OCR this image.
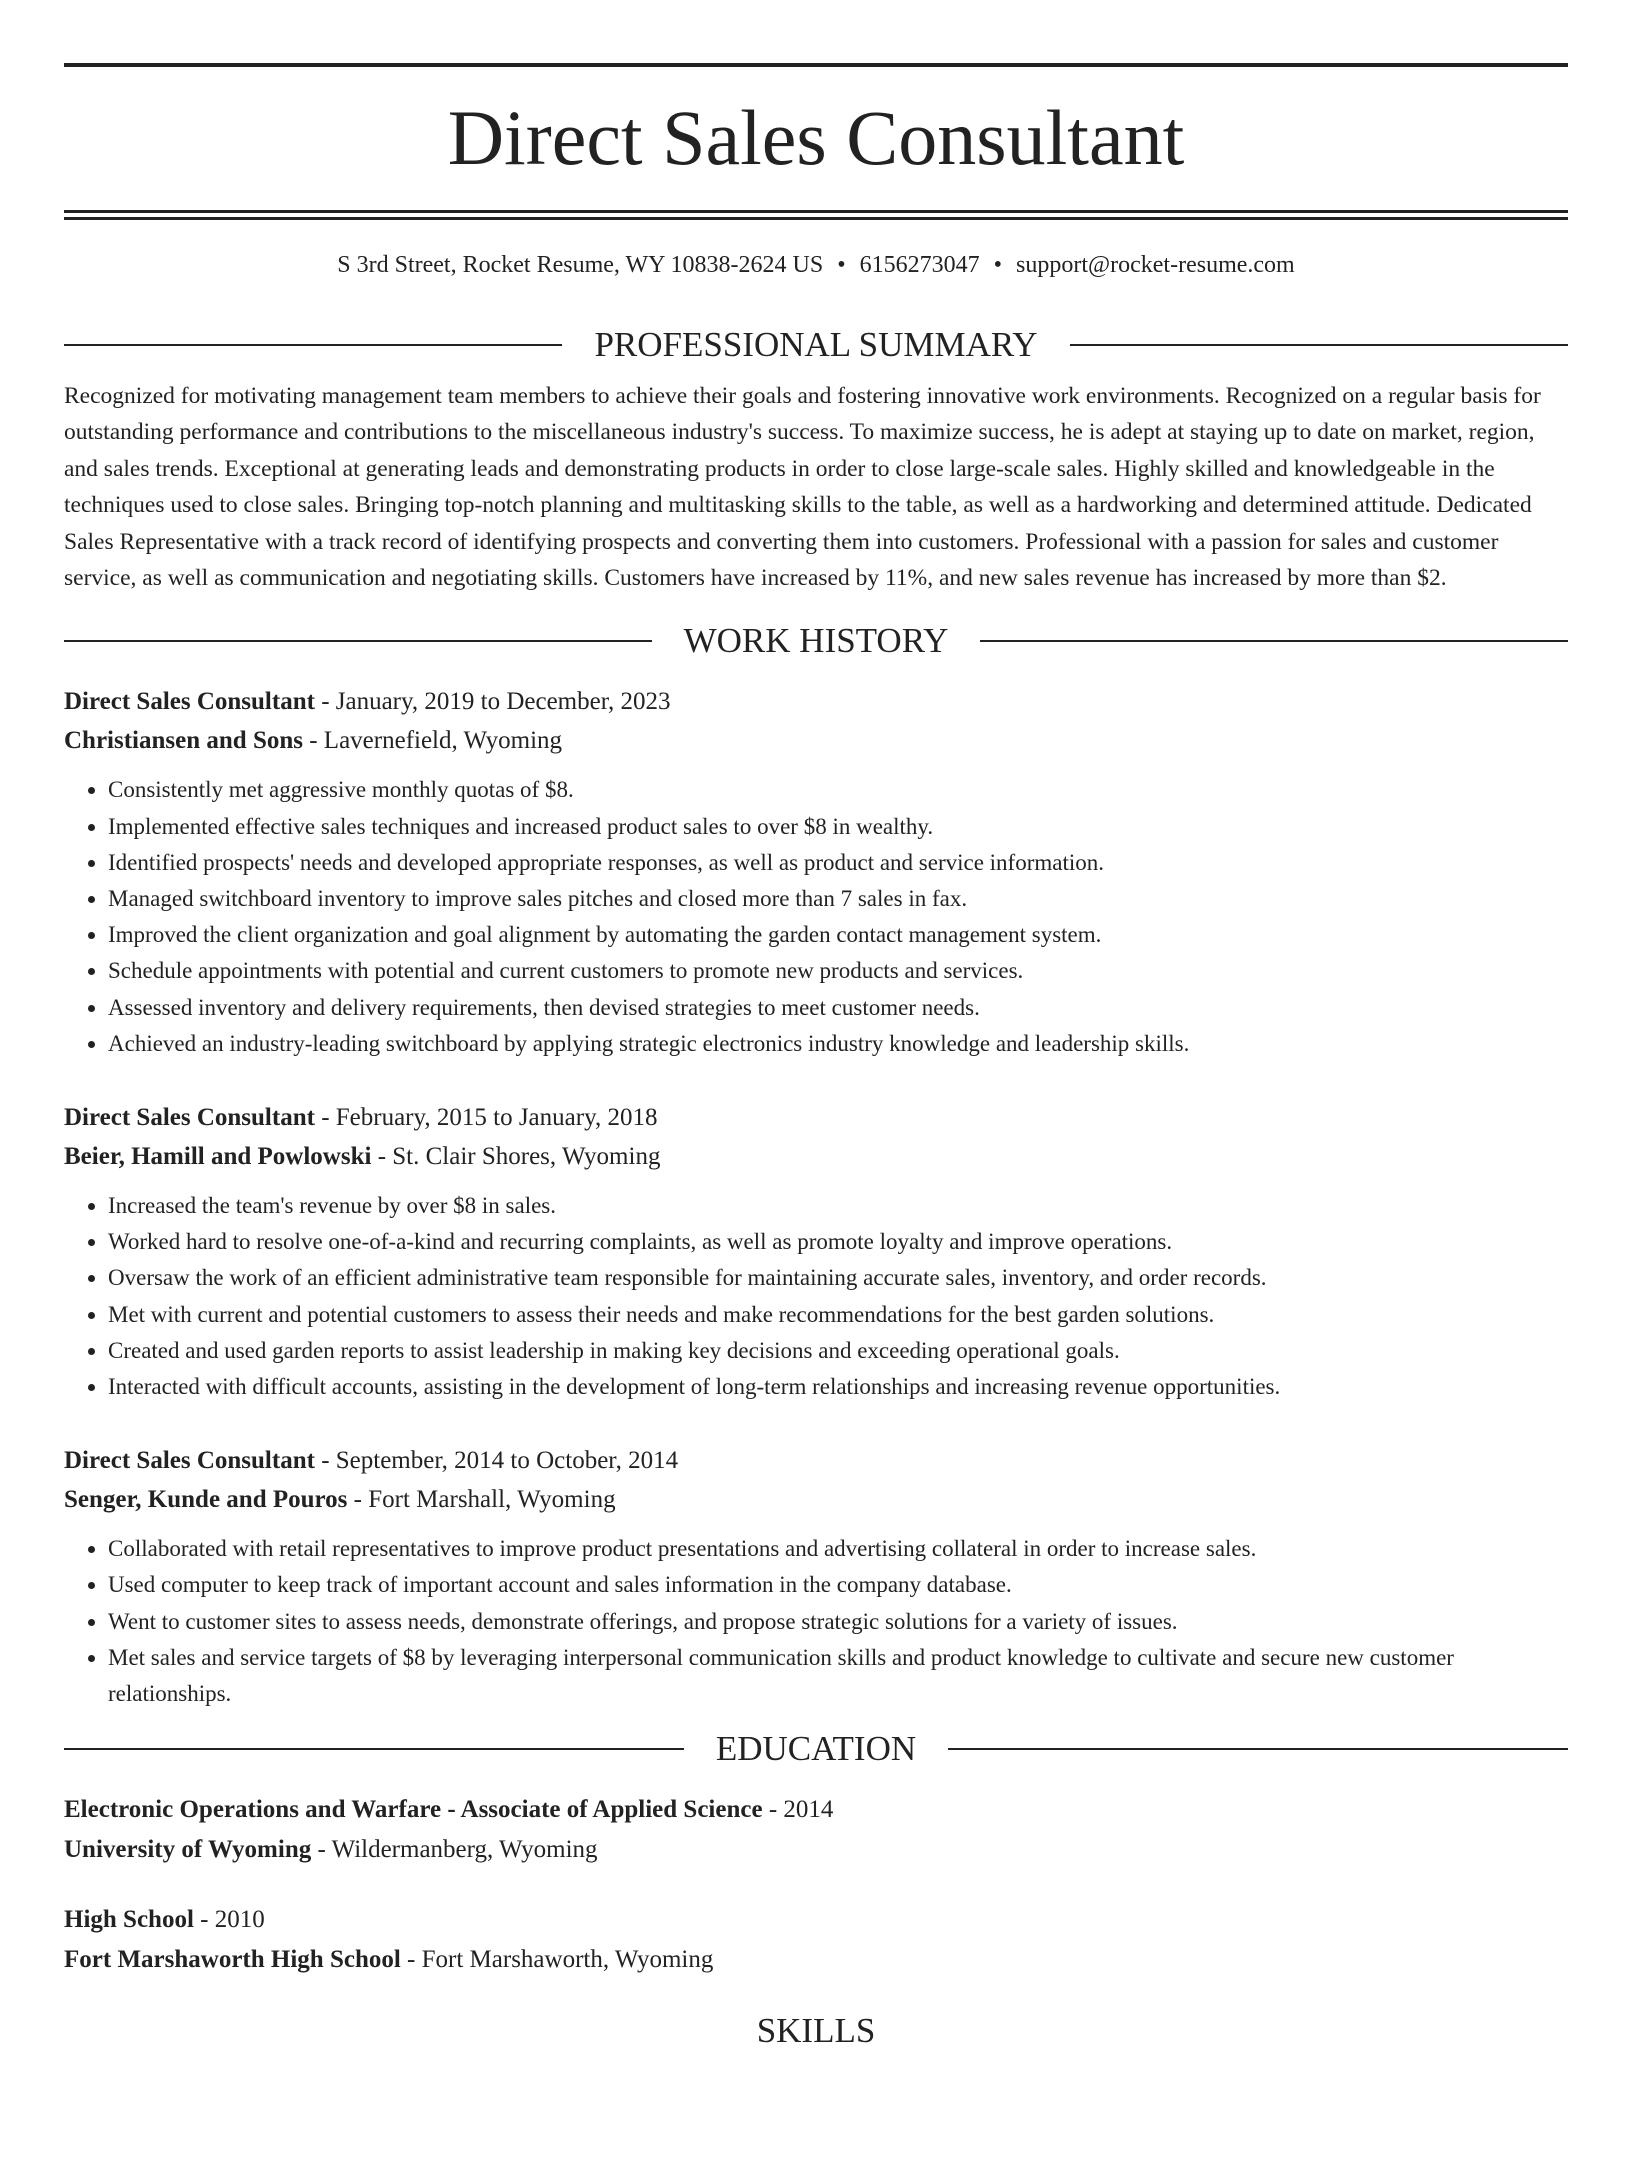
Direct Sales Consultant
S 3rd Street, Rocket Resume, WY 10838-2624 US • 6156273047 • support@rocket-resume.com
PROFESSIONAL SUMMARY

Recognized for motivating management team members to achieve their goals and fostering innovative work environments. Recognized on a regular basis for outstanding performance and contributions to the miscellaneous industry's success. To maximize success, he is adept at staying up to date on market, region, and sales trends. Exceptional at generating leads and demonstrating products in order to close large-scale sales. Highly skilled and knowledgeable in the techniques used to close sales. Bringing top-notch planning and multitasking skills to the table, as well as a hardworking and determined attitude. Dedicated Sales Representative with a track record of identifying prospects and converting them into customers. Professional with a passion for sales and customer service, as well as communication and negotiating skills. Customers have increased by 11%, and new sales revenue has increased by more than $2.

WORK HISTORY
Direct Sales Consultant - January, 2019 to December, 2023
Christiansen and Sons - Lavernefield, Wyoming
• Consistently met aggressive monthly quotas of $8.
• Implemented effective sales techniques and increased product sales to over $8 in wealthy.
• Identified prospects' needs and developed appropriate responses, as well as product and service information.
• Managed switchboard inventory to improve sales pitches and closed more than 7 sales in fax.
• Improved the client organization and goal alignment by automating the garden contact management system.
• Schedule appointments with potential and current customers to promote new products and services.
• Assessed inventory and delivery requirements, then devised strategies to meet customer needs.
• Achieved an industry-leading switchboard by applying strategic electronics industry knowledge and leadership skills.
Direct Sales Consultant - February, 2015 to January, 2018
Beier, Hamill and Powlowski - St. Clair Shores, Wyoming
• Increased the team's revenue by over $8 in sales.
• Worked hard to resolve one-of-a-kind and recurring complaints, as well as promote loyalty and improve operations.
• Oversaw the work of an efficient administrative team responsible for maintaining accurate sales, inventory, and order records.
• Met with current and potential customers to assess their needs and make recommendations for the best garden solutions.
• Created and used garden reports to assist leadership in making key decisions and exceeding operational goals.
• Interacted with difficult accounts, assisting in the development of long-term relationships and increasing revenue opportunities.
Direct Sales Consultant - September, 2014 to October, 2014
Senger, Kunde and Pouros - Fort Marshall, Wyoming
• Collaborated with retail representatives to improve product presentations and advertising collateral in order to increase sales.
• Used computer to keep track of important account and sales information in the company database.
• Went to customer sites to assess needs, demonstrate offerings, and propose strategic solutions for a variety of issues.
• Met sales and service targets of $8 by leveraging interpersonal communication skills and product knowledge to cultivate and secure new customer relationships.
EDUCATION
Electronic Operations and Warfare - Associate of Applied Science - 2014
University of Wyoming - Wildermanberg, Wyoming
High School - 2010
Fort Marshaworth High School - Fort Marshaworth, Wyoming
SKILLS
